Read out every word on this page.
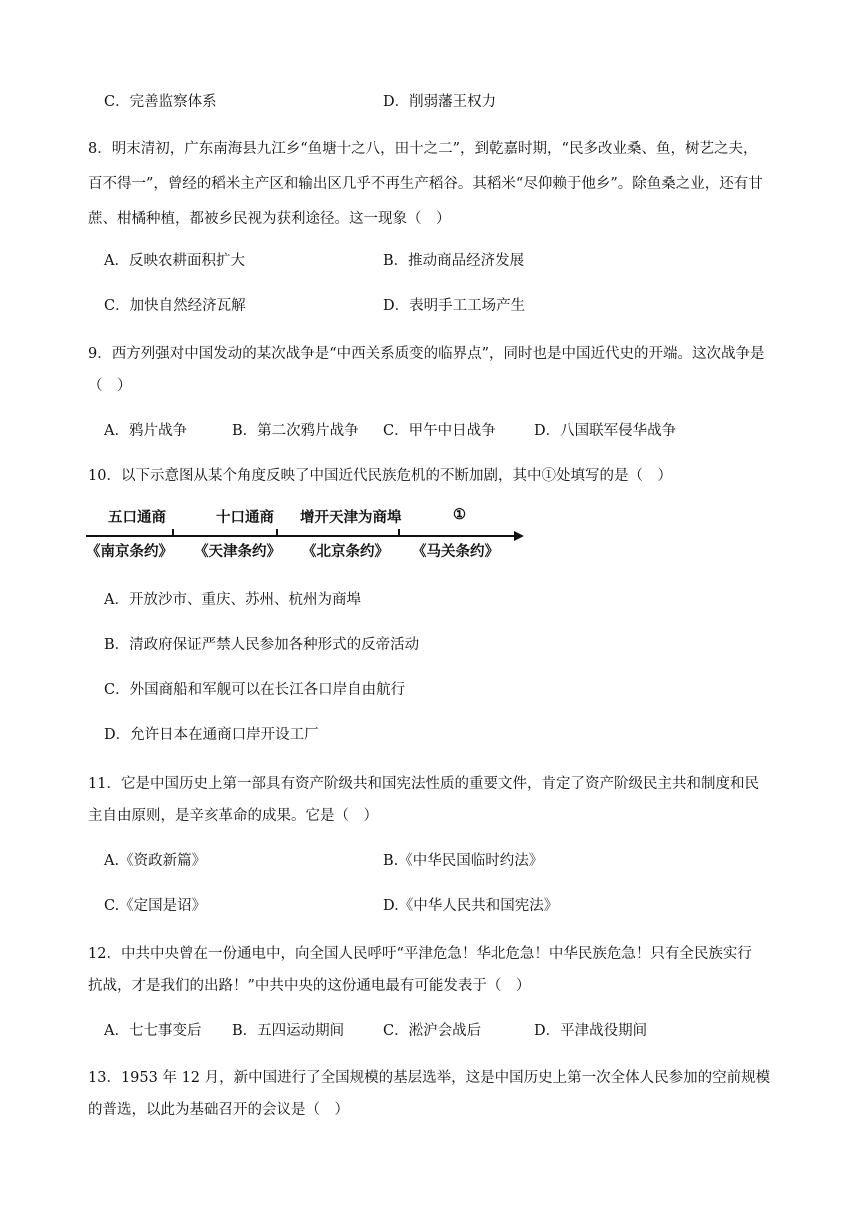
C．完善监察体系	D．削弱藩王权力
8．明末清初，广东南海县九江乡“鱼塘十之八，田十之二”，到乾嘉时期，“民多改业桑、鱼，树艺之夫，
百不得一”，曾经的稻米主产区和输出区几乎不再生产稻谷。其稻米“尽仰赖于他乡”。除鱼桑之业，还有甘
蔗、柑橘种植，都被乡民视为获利途径。这一现象（　）
A．反映农耕面积扩大	B．推动商品经济发展
C．加快自然经济瓦解	D．表明手工工场产生
9．西方列强对中国发动的某次战争是“中西关系质变的临界点”，同时也是中国近代史的开端。这次战争是
（　）
A．鸦片战争	B．第二次鸦片战争 C．甲午中日战争	D．八国联军侵华战争
10．以下示意图从某个角度反映了中国近代民族危机的不断加剧，其中①处填写的是（　）
五口通商	十口通商 增开天津为商埠	①
《南京条约》 《天津条约》 《北京条约》 《马关条约》
A．开放沙市、重庆、苏州、杭州为商埠
B．清政府保证严禁人民参加各种形式的反帝活动
C．外国商船和军舰可以在长江各口岸自由航行
D．允许日本在通商口岸开设工厂
11．它是中国历史上第一部具有资产阶级共和国宪法性质的重要文件，肯定了资产阶级民主共和制度和民
主自由原则，是辛亥革命的成果。它是（　）
A.《资政新篇》	B.《中华民国临时约法》
C.《定国是诏》	D.《中华人民共和国宪法》
12．中共中央曾在一份通电中，向全国人民呼吁“平津危急！华北危急！中华民族危急！只有全民族实行
抗战，才是我们的出路！”中共中央的这份通电最有可能发表于（　）
A．七七事变后 B．五四运动期间	C．淞沪会战后	D．平津战役期间
13．1953 年 12 月，新中国进行了全国规模的基层选举，这是中国历史上第一次全体人民参加的空前规模
的普选，以此为基础召开的会议是（　）
